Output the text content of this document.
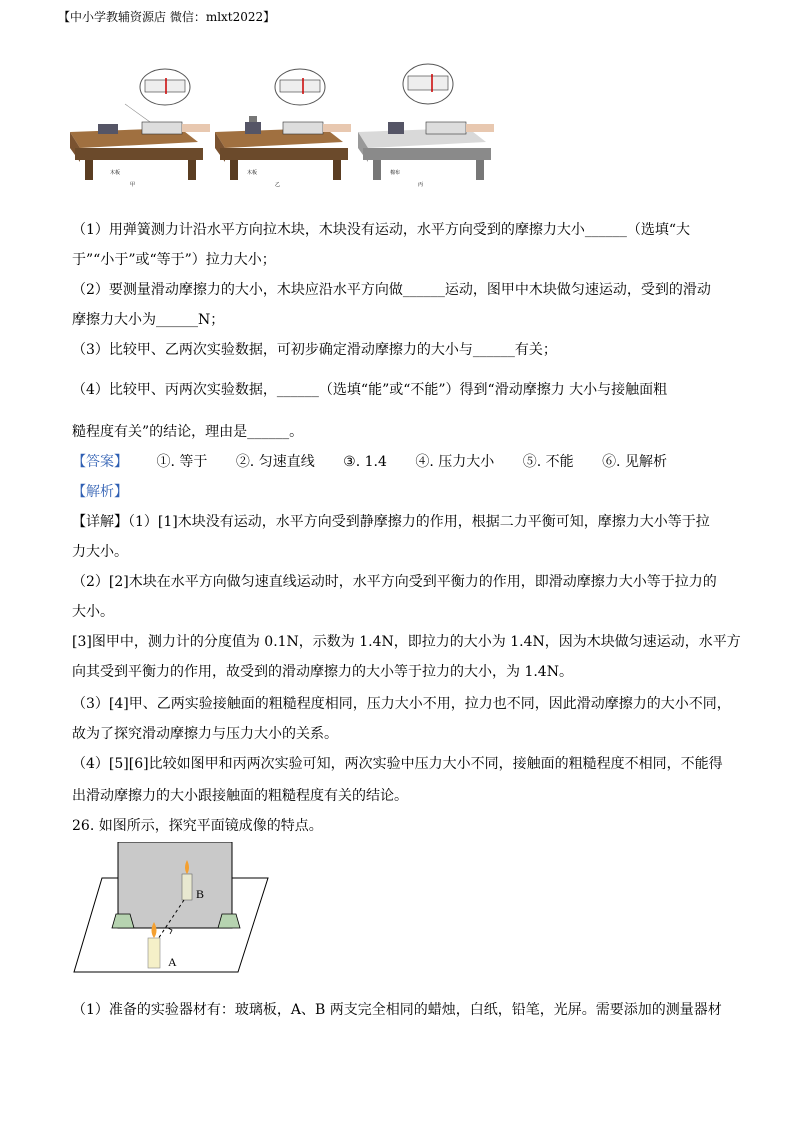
【中小学教辅资源店 微信：mlxt2022】
木板
甲
木板
乙
棉布
丙
（1）用弹簧测力计沿水平方向拉木块，木块没有运动，水平方向受到的摩擦力大小______（选填“大
于”“小于”或“等于”）拉力大小；
（2）要测量滑动摩擦力的大小，木块应沿水平方向做______运动，图甲中木块做匀速运动，受到的滑动
摩擦力大小为______N；
（3）比较甲、乙两次实验数据，可初步确定滑动摩擦力的大小与______有关；
（4）比较甲、丙两次实验数据，______（选填“能”或“不能”）得到“滑动摩擦力 大小与接触面粗
糙程度有关”的结论，理由是______。
【答案】 ①. 等于 ②. 匀速直线 ③. 1.4 ④. 压力大小 ⑤. 不能 ⑥. 见解析
【解析】
【详解】（1）[1]木块没有运动，水平方向受到静摩擦力的作用，根据二力平衡可知，摩擦力大小等于拉
力大小。
（2）[2]木块在水平方向做匀速直线运动时，水平方向受到平衡力的作用，即滑动摩擦力大小等于拉力的
大小。
[3]图甲中，测力计的分度值为 0.1N，示数为 1.4N，即拉力的大小为 1.4N，因为木块做匀速运动，水平方
向其受到平衡力的作用，故受到的滑动摩擦力的大小等于拉力的大小，为 1.4N。
（3）[4]甲、乙两实验接触面的粗糙程度相同，压力大小不用，拉力也不同，因此滑动摩擦力的大小不同，
故为了探究滑动摩擦力与压力大小的关系。
（4）[5][6]比较如图甲和丙两次实验可知，两次实验中压力大小不同，接触面的粗糙程度不相同，不能得
出滑动摩擦力的大小跟接触面的粗糙程度有关的结论。
26. 如图所示，探究平面镜成像的特点。
B
A
（1）准备的实验器材有：玻璃板，A、B 两支完全相同的蜡烛，白纸，铅笔，光屏。需要添加的测量器材
